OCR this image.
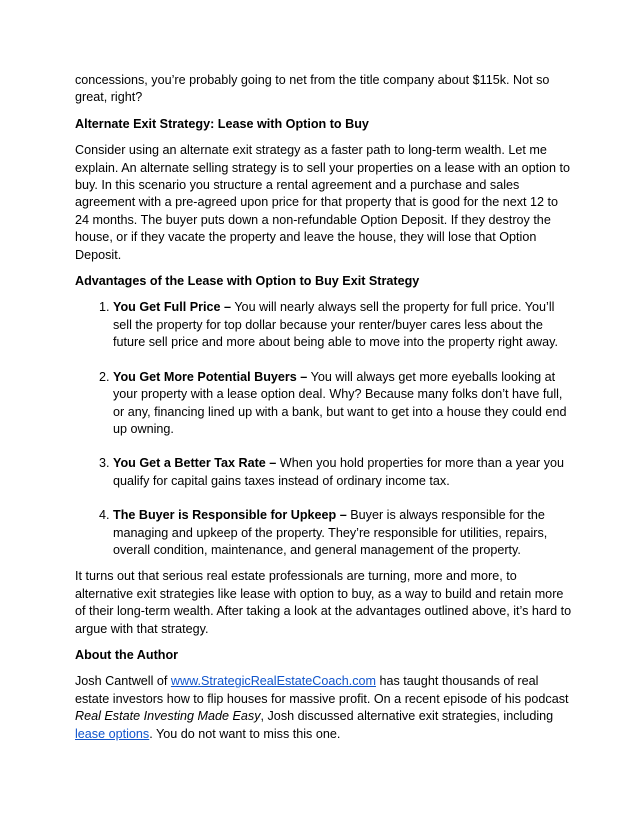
concessions, you’re probably going to net from the title company about $115k. Not so great, right?

Alternate Exit Strategy: Lease with Option to Buy

Consider using an alternate exit strategy as a faster path to long-term wealth. Let me explain. An alternate selling strategy is to sell your properties on a lease with an option to buy. In this scenario you structure a rental agreement and a purchase and sales agreement with a pre-agreed upon price for that property that is good for the next 12 to 24 months. The buyer puts down a non-refundable Option Deposit. If they destroy the house, or if they vacate the property and leave the house, they will lose that Option Deposit.

Advantages of the Lease with Option to Buy Exit Strategy
1. You Get Full Price – You will nearly always sell the property for full price. You’ll sell the property for top dollar because your renter/buyer cares less about the future sell price and more about being able to move into the property right away.
2. You Get More Potential Buyers – You will always get more eyeballs looking at your property with a lease option deal. Why? Because many folks don’t have full, or any, financing lined up with a bank, but want to get into a house they could end up owning.
3. You Get a Better Tax Rate – When you hold properties for more than a year you qualify for capital gains taxes instead of ordinary income tax.
4. The Buyer is Responsible for Upkeep – Buyer is always responsible for the managing and upkeep of the property. They’re responsible for utilities, repairs, overall condition, maintenance, and general management of the property.

It turns out that serious real estate professionals are turning, more and more, to alternative exit strategies like lease with option to buy, as a way to build and retain more of their long-term wealth. After taking a look at the advantages outlined above, it’s hard to argue with that strategy.

About the Author

Josh Cantwell of www.StrategicRealEstateCoach.com has taught thousands of real estate investors how to flip houses for massive profit. On a recent episode of his podcast Real Estate Investing Made Easy, Josh discussed alternative exit strategies, including lease options. You do not want to miss this one.
